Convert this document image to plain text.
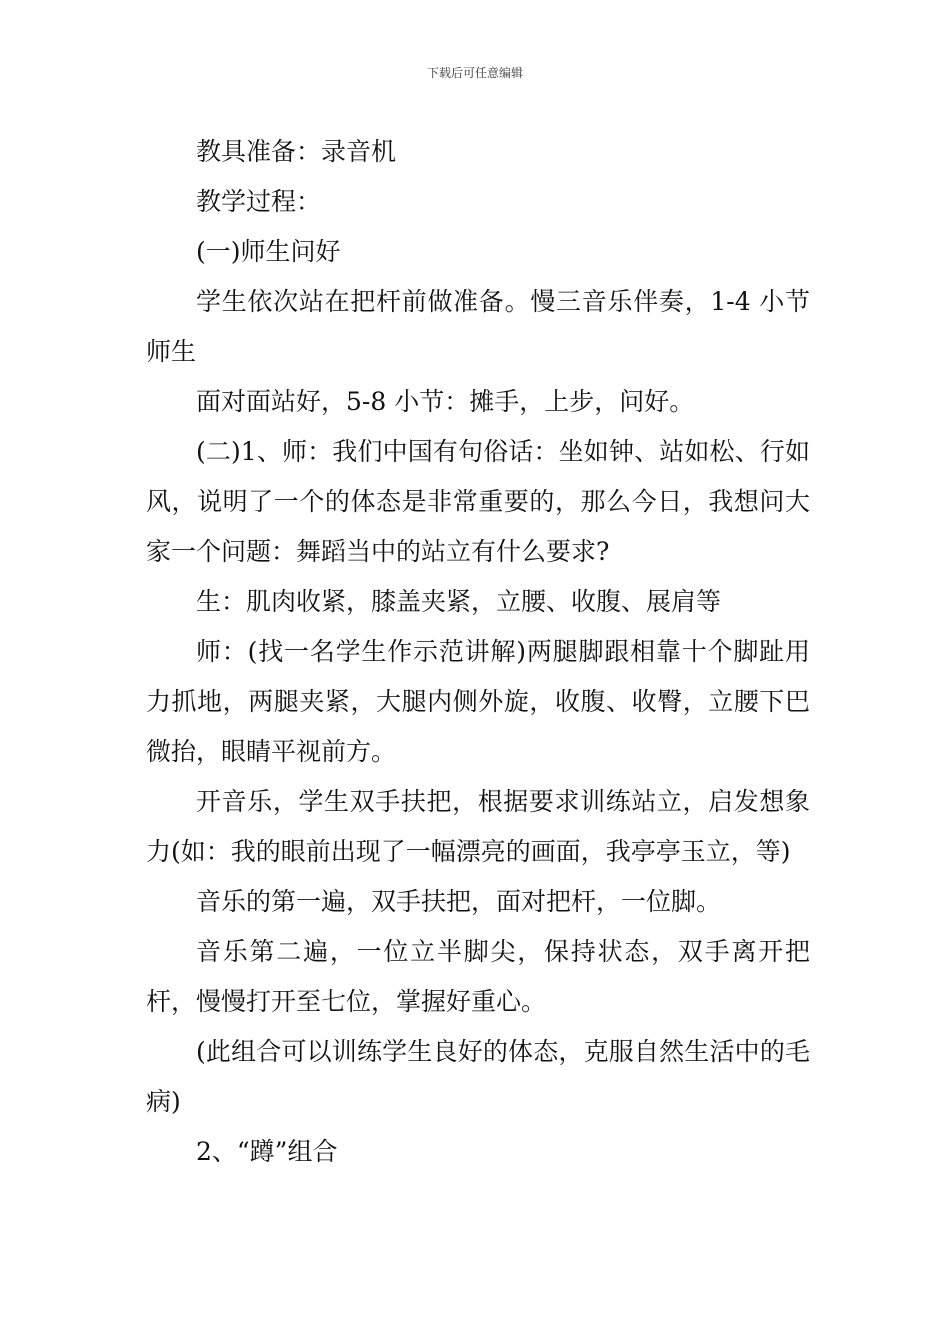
下载后可任意编辑

教具准备：录音机

教学过程：

(一)师生问好

学生依次站在把杆前做准备。慢三音乐伴奏，1-4 小节师生

面对面站好，5-8 小节：摊手，上步，问好。

(二)1、师：我们中国有句俗话：坐如钟、站如松、行如风，说明了一个的体态是非常重要的，那么今日，我想问大家一个问题：舞蹈当中的站立有什么要求?

生：肌肉收紧，膝盖夹紧，立腰、收腹、展肩等

师：(找一名学生作示范讲解)两腿脚跟相靠十个脚趾用力抓地，两腿夹紧，大腿内侧外旋，收腹、收臀，立腰下巴微抬，眼睛平视前方。

开音乐，学生双手扶把，根据要求训练站立，启发想象力(如：我的眼前出现了一幅漂亮的画面，我亭亭玉立，等)

音乐的第一遍，双手扶把，面对把杆，一位脚。

音乐第二遍，一位立半脚尖，保持状态，双手离开把杆，慢慢打开至七位，掌握好重心。

(此组合可以训练学生良好的体态，克服自然生活中的毛病)

2、“蹲”组合
